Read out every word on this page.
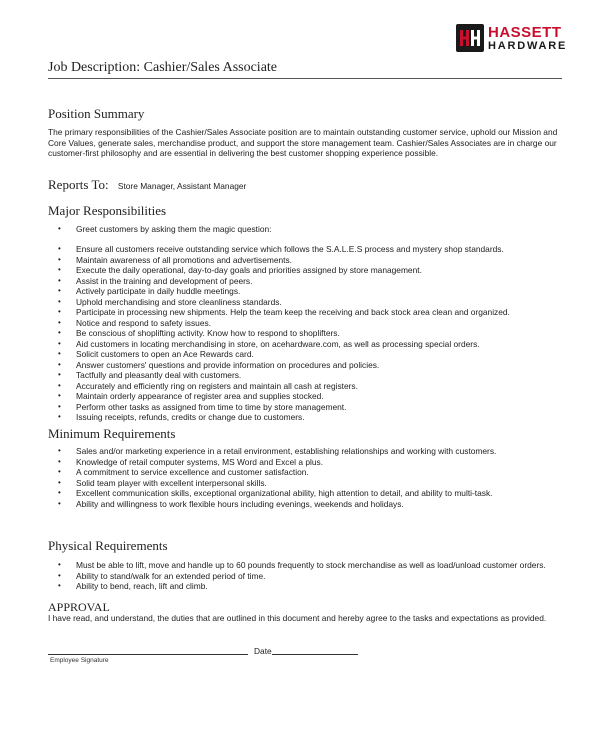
HASSETT
HARDWARE
Job Description: Cashier/Sales Associate
Position Summary
The primary responsibilities of the Cashier/Sales Associate position are to maintain outstanding customer service, uphold our Mission and Core Values, generate sales, merchandise product, and support the store management team. Cashier/Sales Associates are in charge our customer-first philosophy and are essential in delivering the best customer shopping experience possible.
Reports To: Store Manager, Assistant Manager
Major Responsibilities
• Greet customers by asking them the magic question:
• Ensure all customers receive outstanding service which follows the S.A.L.E.S process and mystery shop standards.
• Maintain awareness of all promotions and advertisements.
• Execute the daily operational, day-to-day goals and priorities assigned by store management.
• Assist in the training and development of peers.
• Actively participate in daily huddle meetings.
• Uphold merchandising and store cleanliness standards.
• Participate in processing new shipments. Help the team keep the receiving and back stock area clean and organized.
• Notice and respond to safety issues.
• Be conscious of shoplifting activity. Know how to respond to shoplifters.
• Aid customers in locating merchandising in store, on acehardware.com, as well as processing special orders.
• Solicit customers to open an Ace Rewards card.
• Answer customers' questions and provide information on procedures and policies.
• Tactfully and pleasantly deal with customers.
• Accurately and efficiently ring on registers and maintain all cash at registers.
• Maintain orderly appearance of register area and supplies stocked.
• Perform other tasks as assigned from time to time by store management.
• Issuing receipts, refunds, credits or change due to customers.
Minimum Requirements
• Sales and/or marketing experience in a retail environment, establishing relationships and working with customers.
• Knowledge of retail computer systems, MS Word and Excel a plus.
• A commitment to service excellence and customer satisfaction.
• Solid team player with excellent interpersonal skills.
• Excellent communication skills, exceptional organizational ability, high attention to detail, and ability to multi-task.
• Ability and willingness to work flexible hours including evenings, weekends and holidays.
Physical Requirements
• Must be able to lift, move and handle up to 60 pounds frequently to stock merchandise as well as load/unload customer orders.
• Ability to stand/walk for an extended period of time.
• Ability to bend, reach, lift and climb.
APPROVAL
I have read, and understand, the duties that are outlined in this document and hereby agree to the tasks and expectations as provided.
Date
Employee Signature
